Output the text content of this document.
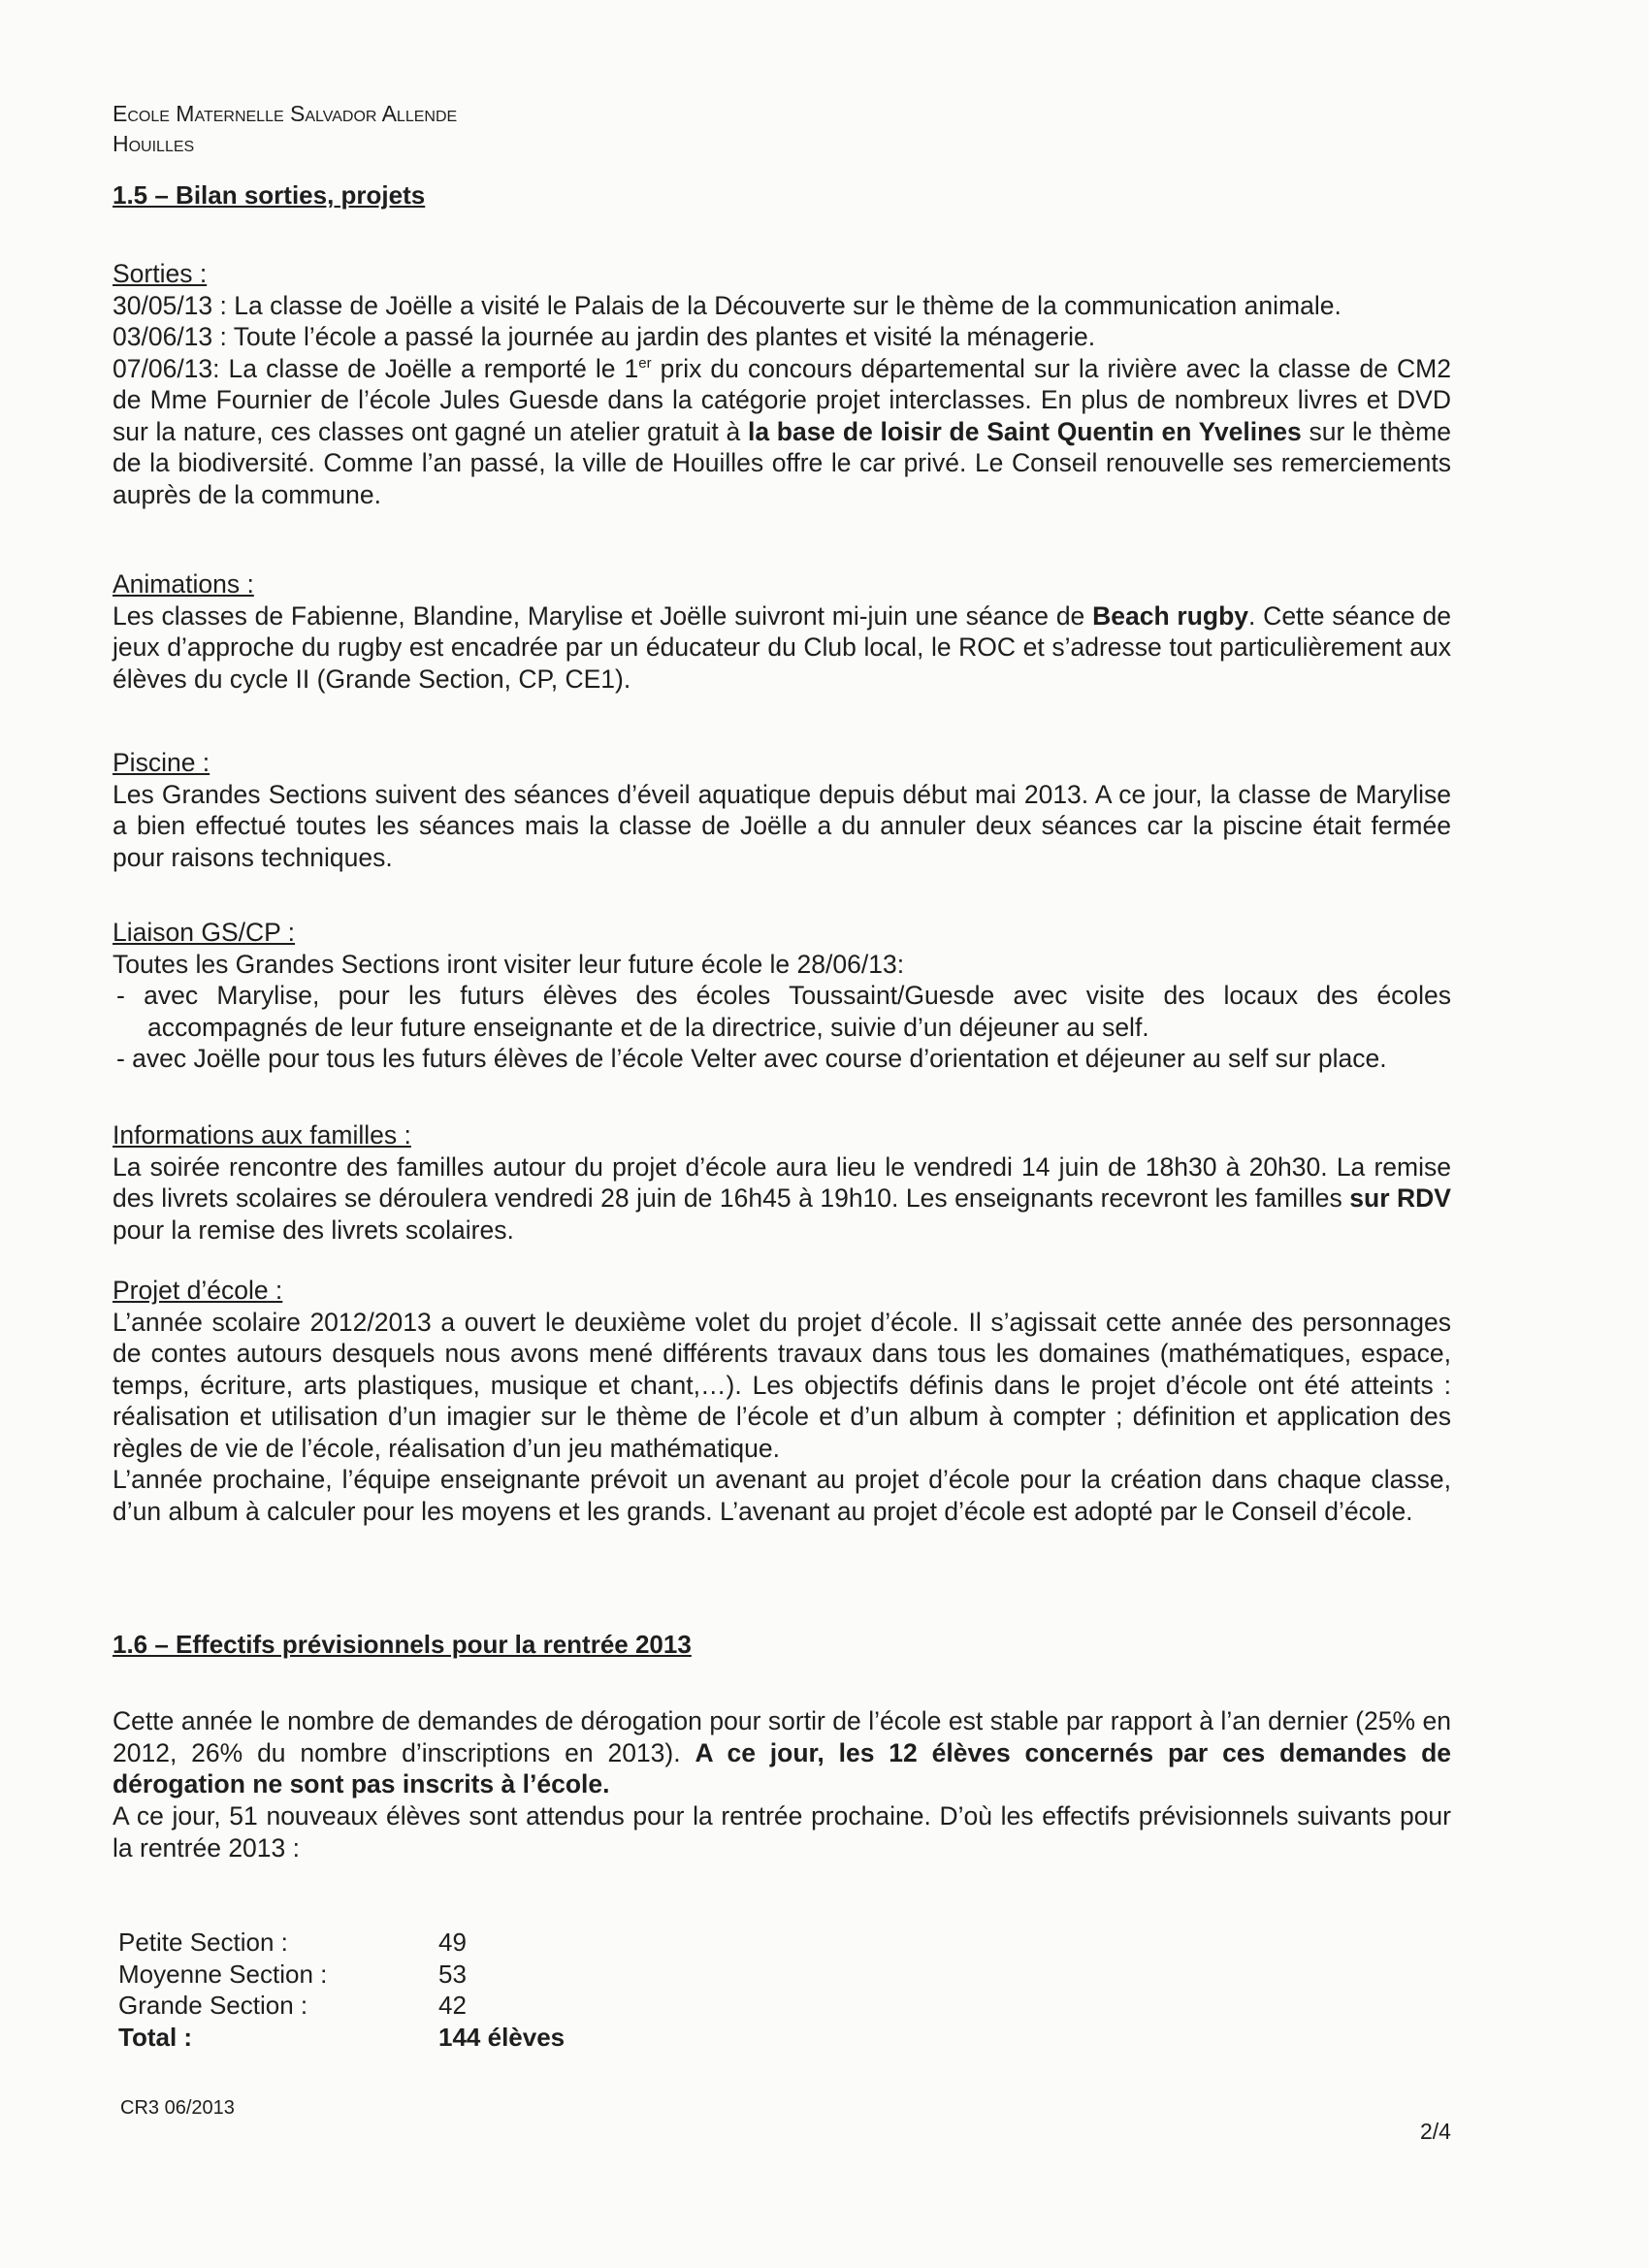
Ecole Maternelle Salvador Allende
Houilles
1.5 – Bilan sorties, projets

Sorties :

30/05/13 : La classe de Joëlle a visité le Palais de la Découverte sur le thème de la communication animale.

03/06/13 : Toute l’école a passé la journée au jardin des plantes et visité la ménagerie.

07/06/13: La classe de Joëlle a remporté le 1er prix du concours départemental sur la rivière avec la classe de CM2 de Mme Fournier de l’école Jules Guesde dans la catégorie projet interclasses. En plus de nombreux livres et DVD sur la nature, ces classes ont gagné un atelier gratuit à la base de loisir de Saint Quentin en Yvelines sur le thème de la biodiversité. Comme l’an passé, la ville de Houilles offre le car privé. Le Conseil renouvelle ses remerciements auprès de la commune.

Animations :

Les classes de Fabienne, Blandine, Marylise et Joëlle suivront mi-juin une séance de Beach rugby. Cette séance de jeux d’approche du rugby est encadrée par un éducateur du Club local, le ROC et s’adresse tout particulièrement aux élèves du cycle II (Grande Section, CP, CE1).

Piscine :

Les Grandes Sections suivent des séances d’éveil aquatique depuis début mai 2013. A ce jour, la classe de Marylise a bien effectué toutes les séances mais la classe de Joëlle a du annuler deux séances car la piscine était fermée pour raisons techniques.

Liaison GS/CP :

Toutes les Grandes Sections iront visiter leur future école le 28/06/13:

- avec Marylise, pour les futurs élèves des écoles Toussaint/Guesde avec visite des locaux des écoles

accompagnés de leur future enseignante et de la directrice, suivie d’un déjeuner au self.

- avec Joëlle pour tous les futurs élèves de l’école Velter avec course d’orientation et déjeuner au self sur place.

Informations aux familles :

La soirée rencontre des familles autour du projet d’école aura lieu le vendredi 14 juin de 18h30 à 20h30. La remise des livrets scolaires se déroulera vendredi 28 juin de 16h45 à 19h10. Les enseignants recevront les familles sur RDV pour la remise des livrets scolaires.

Projet d’école :

L’année scolaire 2012/2013 a ouvert le deuxième volet du projet d’école. Il s’agissait cette année des personnages de contes autours desquels nous avons mené différents travaux dans tous les domaines (mathématiques, espace, temps, écriture, arts plastiques, musique et chant,…). Les objectifs définis dans le projet d’école ont été atteints : réalisation et utilisation d’un imagier sur le thème de l’école et d’un album à compter ; définition et application des règles de vie de l’école, réalisation d’un jeu mathématique.

L’année prochaine, l’équipe enseignante prévoit un avenant au projet d’école pour la création dans chaque classe, d’un album à calculer pour les moyens et les grands. L’avenant au projet d’école est adopté par le Conseil d’école.

1.6 – Effectifs prévisionnels pour la rentrée 2013

Cette année le nombre de demandes de dérogation pour sortir de l’école est stable par rapport à l’an dernier (25% en 2012, 26% du nombre d’inscriptions en 2013). A ce jour, les 12 élèves concernés par ces demandes de dérogation ne sont pas inscrits à l’école.

A ce jour, 51 nouveaux élèves sont attendus pour la rentrée prochaine. D’où les effectifs prévisionnels suivants pour la rentrée 2013 :

Petite Section :	49
Moyenne Section :	53
Grande Section :	42
Total :	144 élèves
CR3 06/2013
2/4
